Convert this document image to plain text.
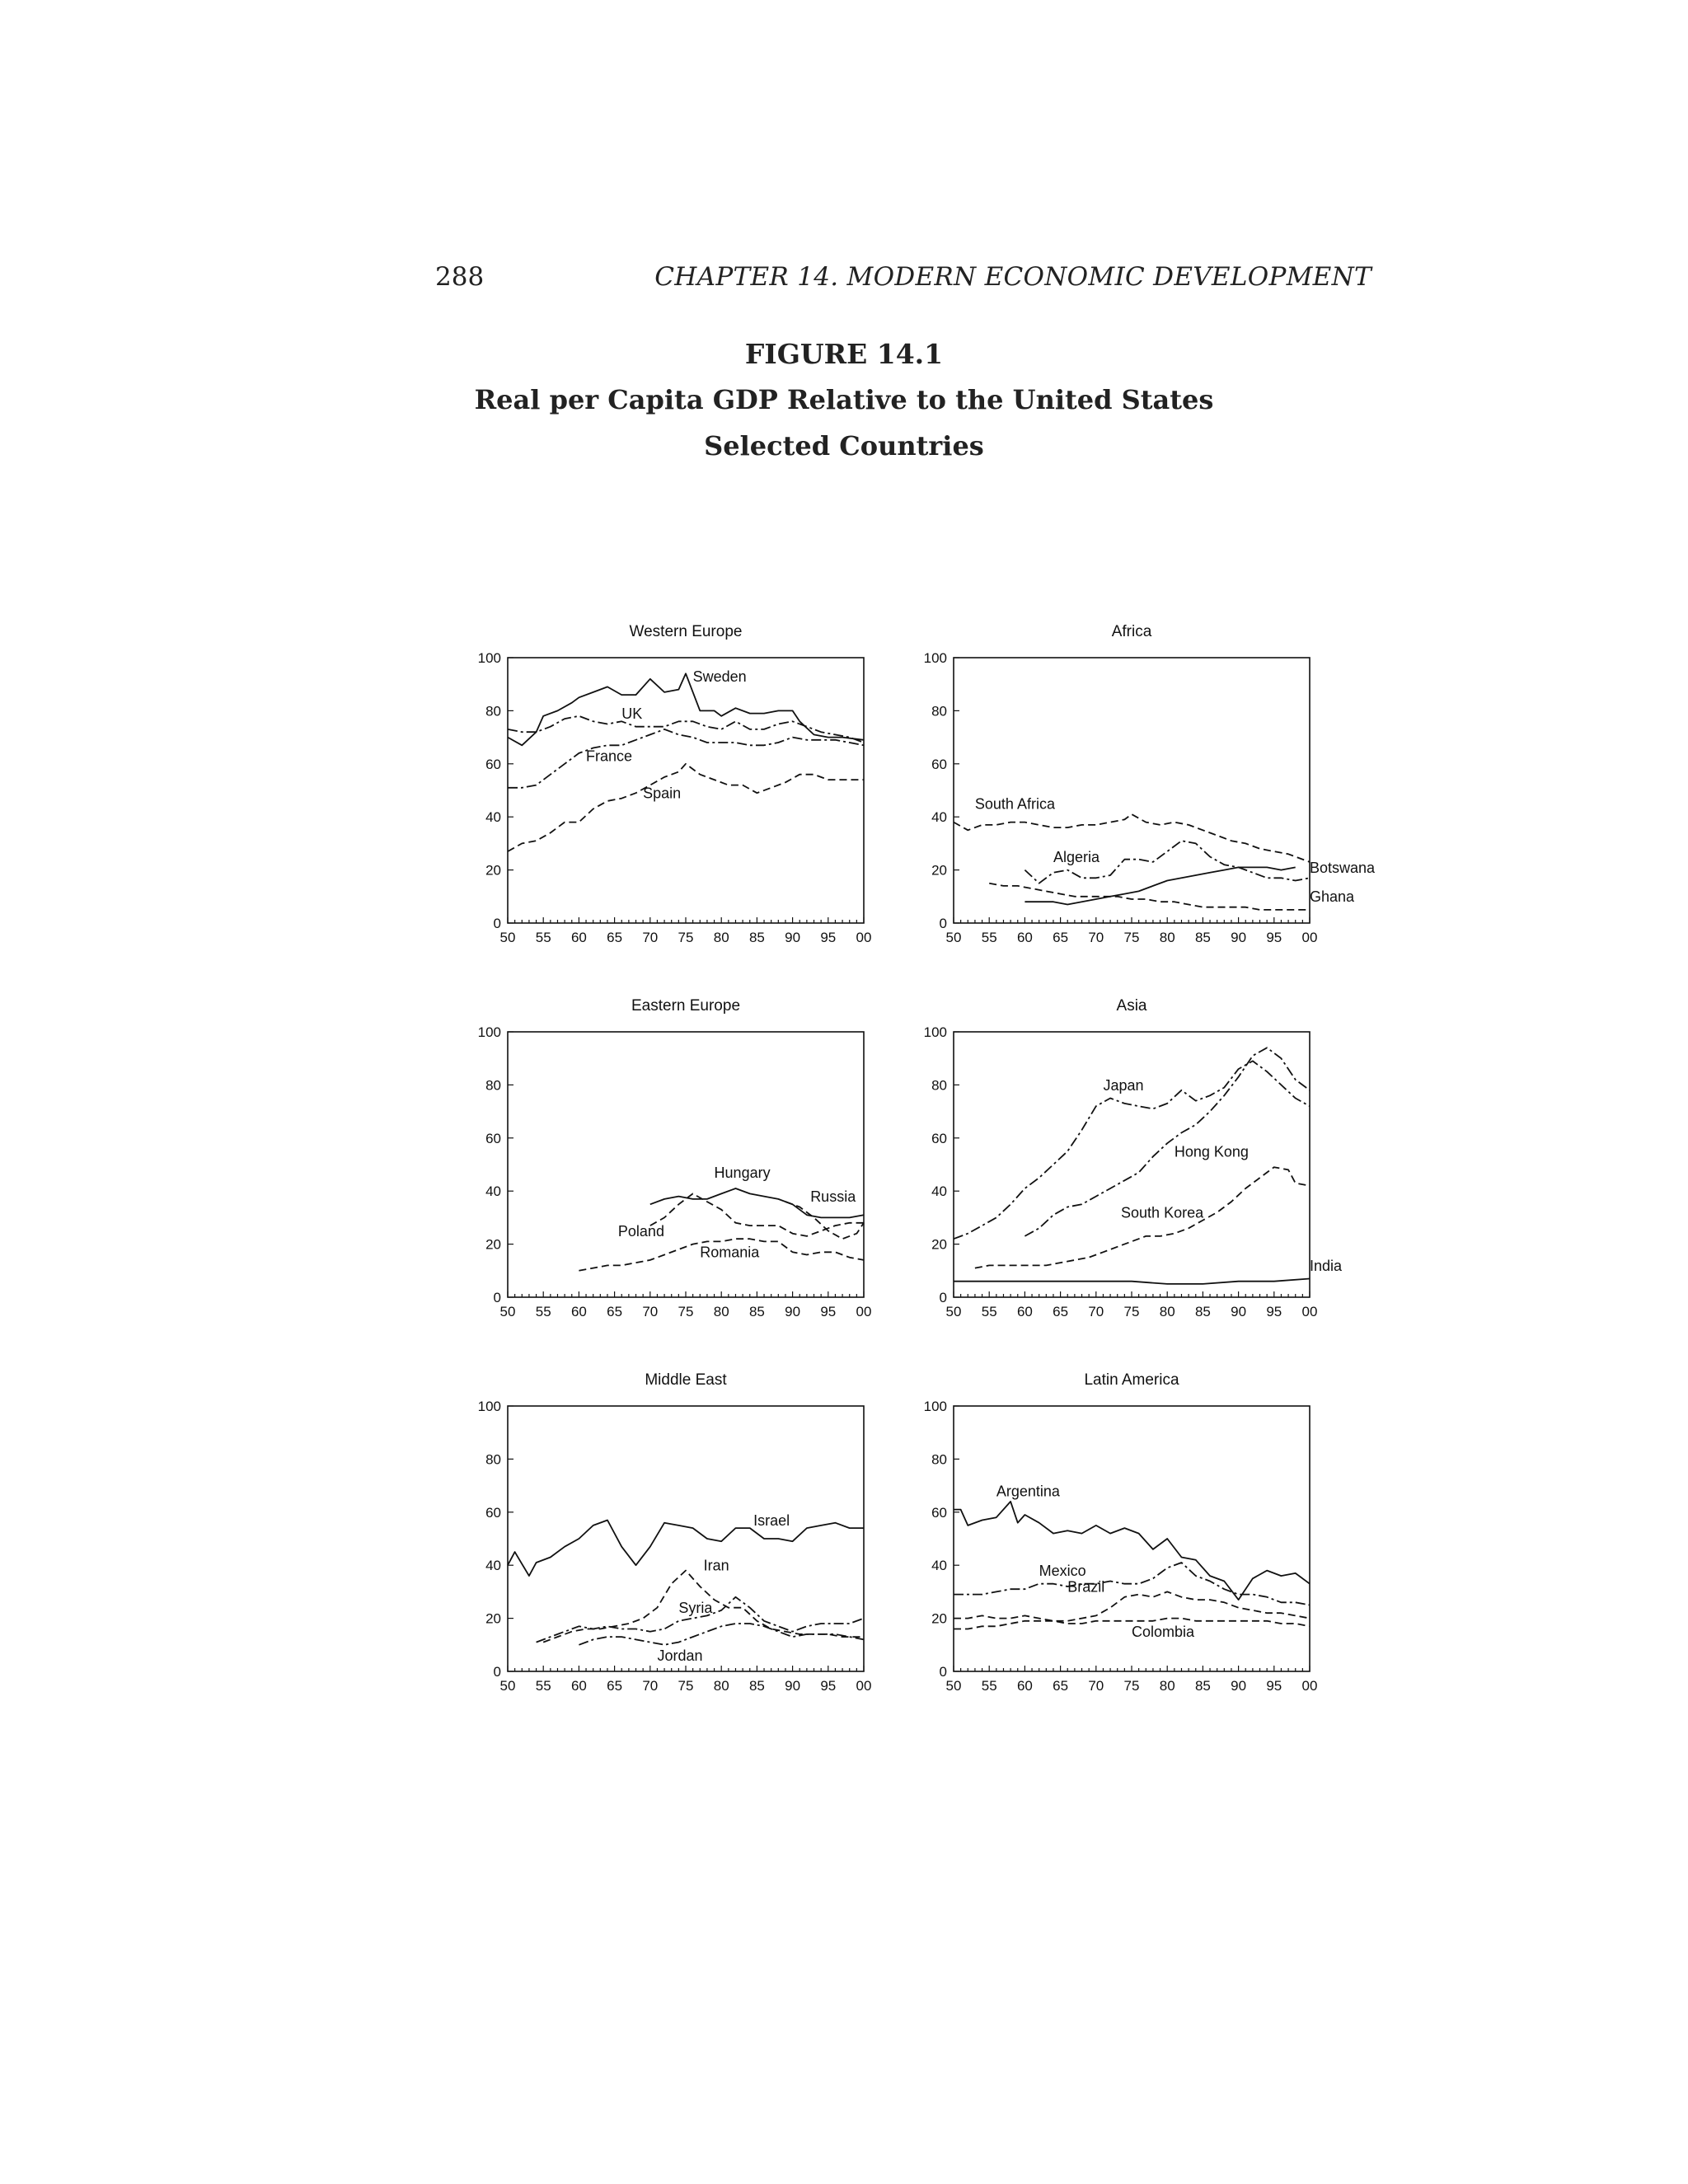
288	CHAPTER 14. MODERN ECONOMIC DEVELOPMENT
FIGURE 14.1
Real per Capita GDP Relative to the United States
Selected Countries
Western Europe
50 55 60 65 70 75 80 85 90 95 00
0
20
40
60
80
100
Sweden
UK
France
Spain
Africa
50 55 60 65 70 75 80 85 90 95 00
0
20
40
60
80
100
South Africa
Algeria
Botswana
Ghana
Eastern Europe
50 55 60 65 70 75 80 85 90 95 00
0
20
40
60
80
100
Hungary
Russia
Poland
Romania
Asia
50 55 60 65 70 75 80 85 90 95 00
0
20
40
60
80
100
Japan
Hong Kong
South Korea
India
Middle East
50 55 60 65 70 75 80 85 90 95 00
0
20
40
60
80
100
Israel
Iran
Syria
Jordan
Latin America
50 55 60 65 70 75 80 85 90 95 00
0
20
40
60
80
100
Argentina
Mexico
Brazil
Colombia
